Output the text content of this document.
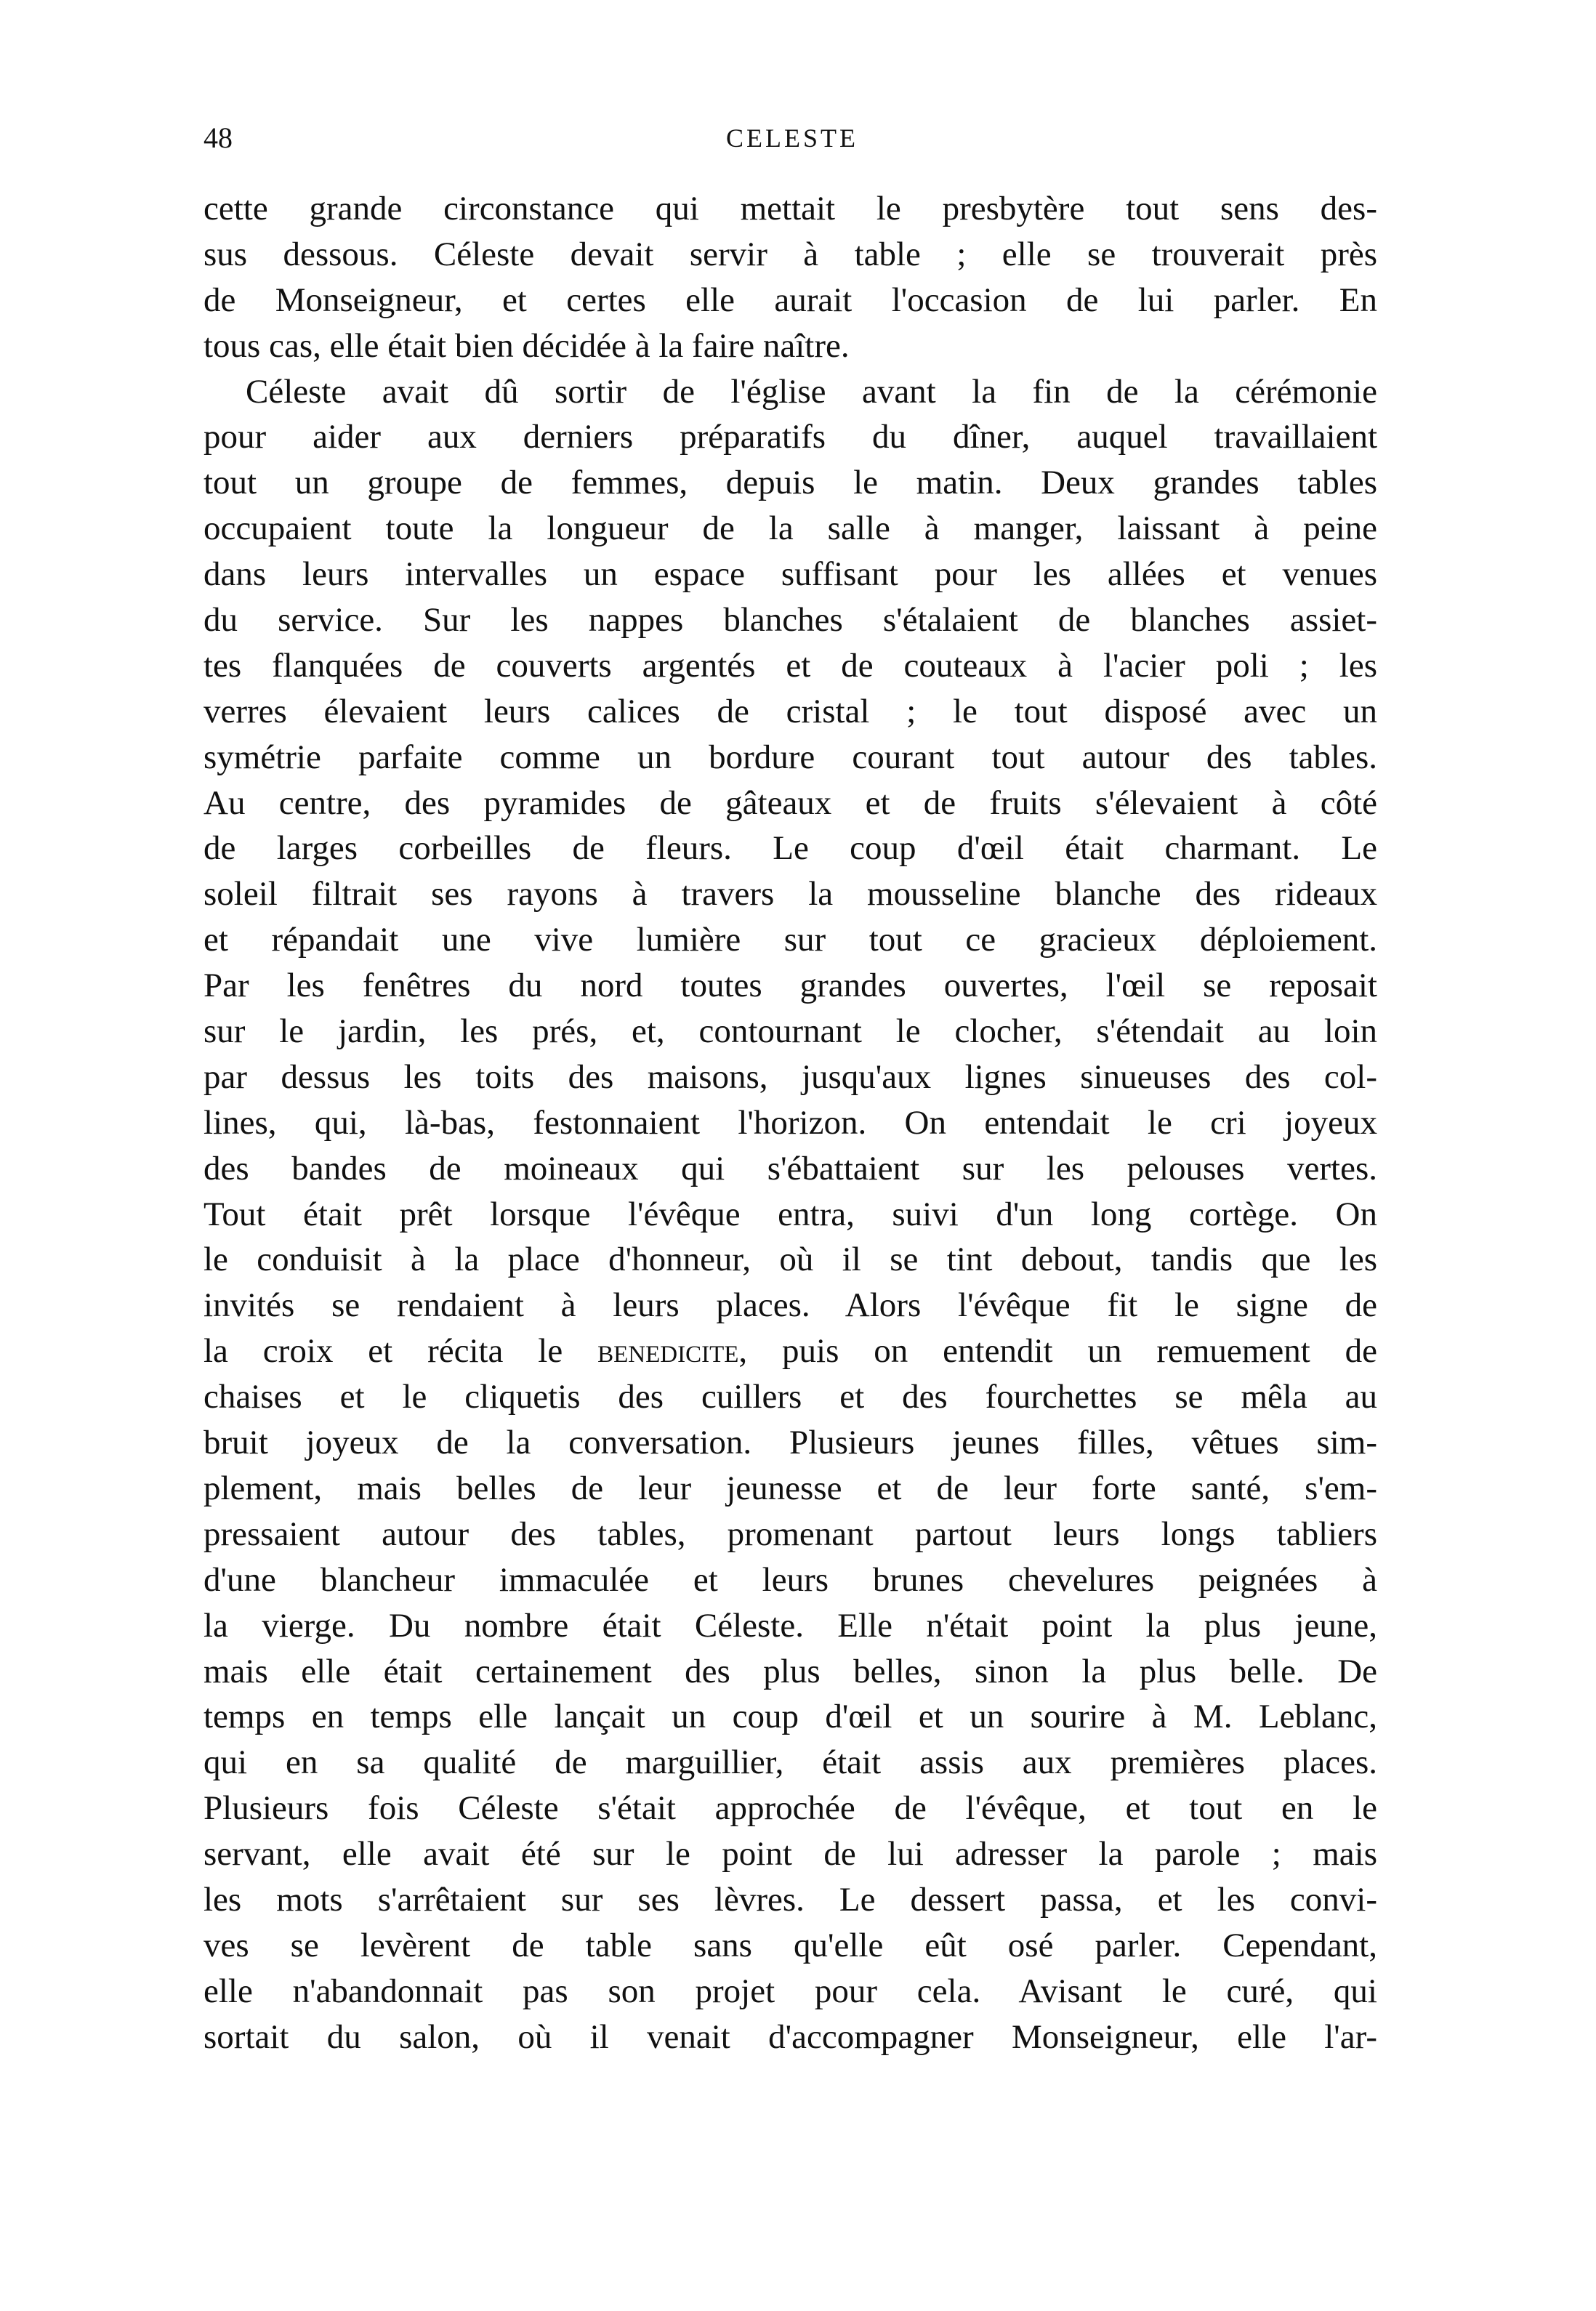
48	CELESTE
cette grande circonstance qui mettait le presbytère tout sens des-
sus dessous. Céleste devait servir à table ; elle se trouverait près
de Monseigneur, et certes elle aurait l'occasion de lui parler. En
tous cas, elle était bien décidée à la faire naître.
Céleste avait dû sortir de l'église avant la fin de la cérémonie
pour aider aux derniers préparatifs du dîner, auquel travaillaient
tout un groupe de femmes, depuis le matin. Deux grandes tables
occupaient toute la longueur de la salle à manger, laissant à peine
dans leurs intervalles un espace suffisant pour les allées et venues
du service. Sur les nappes blanches s'étalaient de blanches assiet-
tes flanquées de couverts argentés et de couteaux à l'acier poli ; les
verres élevaient leurs calices de cristal ; le tout disposé avec un
symétrie parfaite comme un bordure courant tout autour des tables.
Au centre, des pyramides de gâteaux et de fruits s'élevaient à côté
de larges corbeilles de fleurs. Le coup d'œil était charmant. Le
soleil filtrait ses rayons à travers la mousseline blanche des rideaux
et répandait une vive lumière sur tout ce gracieux déploiement.
Par les fenêtres du nord toutes grandes ouvertes, l'œil se reposait
sur le jardin, les prés, et, contournant le clocher, s'étendait au loin
par dessus les toits des maisons, jusqu'aux lignes sinueuses des col-
lines, qui, là-bas, festonnaient l'horizon. On entendait le cri joyeux
des bandes de moineaux qui s'ébattaient sur les pelouses vertes.
Tout était prêt lorsque l'évêque entra, suivi d'un long cortège. On
le conduisit à la place d'honneur, où il se tint debout, tandis que les
invités se rendaient à leurs places. Alors l'évêque fit le signe de
la croix et récita le benedicite, puis on entendit un remuement de
chaises et le cliquetis des cuillers et des fourchettes se mêla au
bruit joyeux de la conversation. Plusieurs jeunes filles, vêtues sim-
plement, mais belles de leur jeunesse et de leur forte santé, s'em-
pressaient autour des tables, promenant partout leurs longs tabliers
d'une blancheur immaculée et leurs brunes chevelures peignées à
la vierge. Du nombre était Céleste. Elle n'était point la plus jeune,
mais elle était certainement des plus belles, sinon la plus belle. De
temps en temps elle lançait un coup d'œil et un sourire à M. Leblanc,
qui en sa qualité de marguillier, était assis aux premières places.
Plusieurs fois Céleste s'était approchée de l'évêque, et tout en le
servant, elle avait été sur le point de lui adresser la parole ; mais
les mots s'arrêtaient sur ses lèvres. Le dessert passa, et les convi-
ves se levèrent de table sans qu'elle eût osé parler. Cependant,
elle n'abandonnait pas son projet pour cela. Avisant le curé, qui
sortait du salon, où il venait d'accompagner Monseigneur, elle l'ar-
